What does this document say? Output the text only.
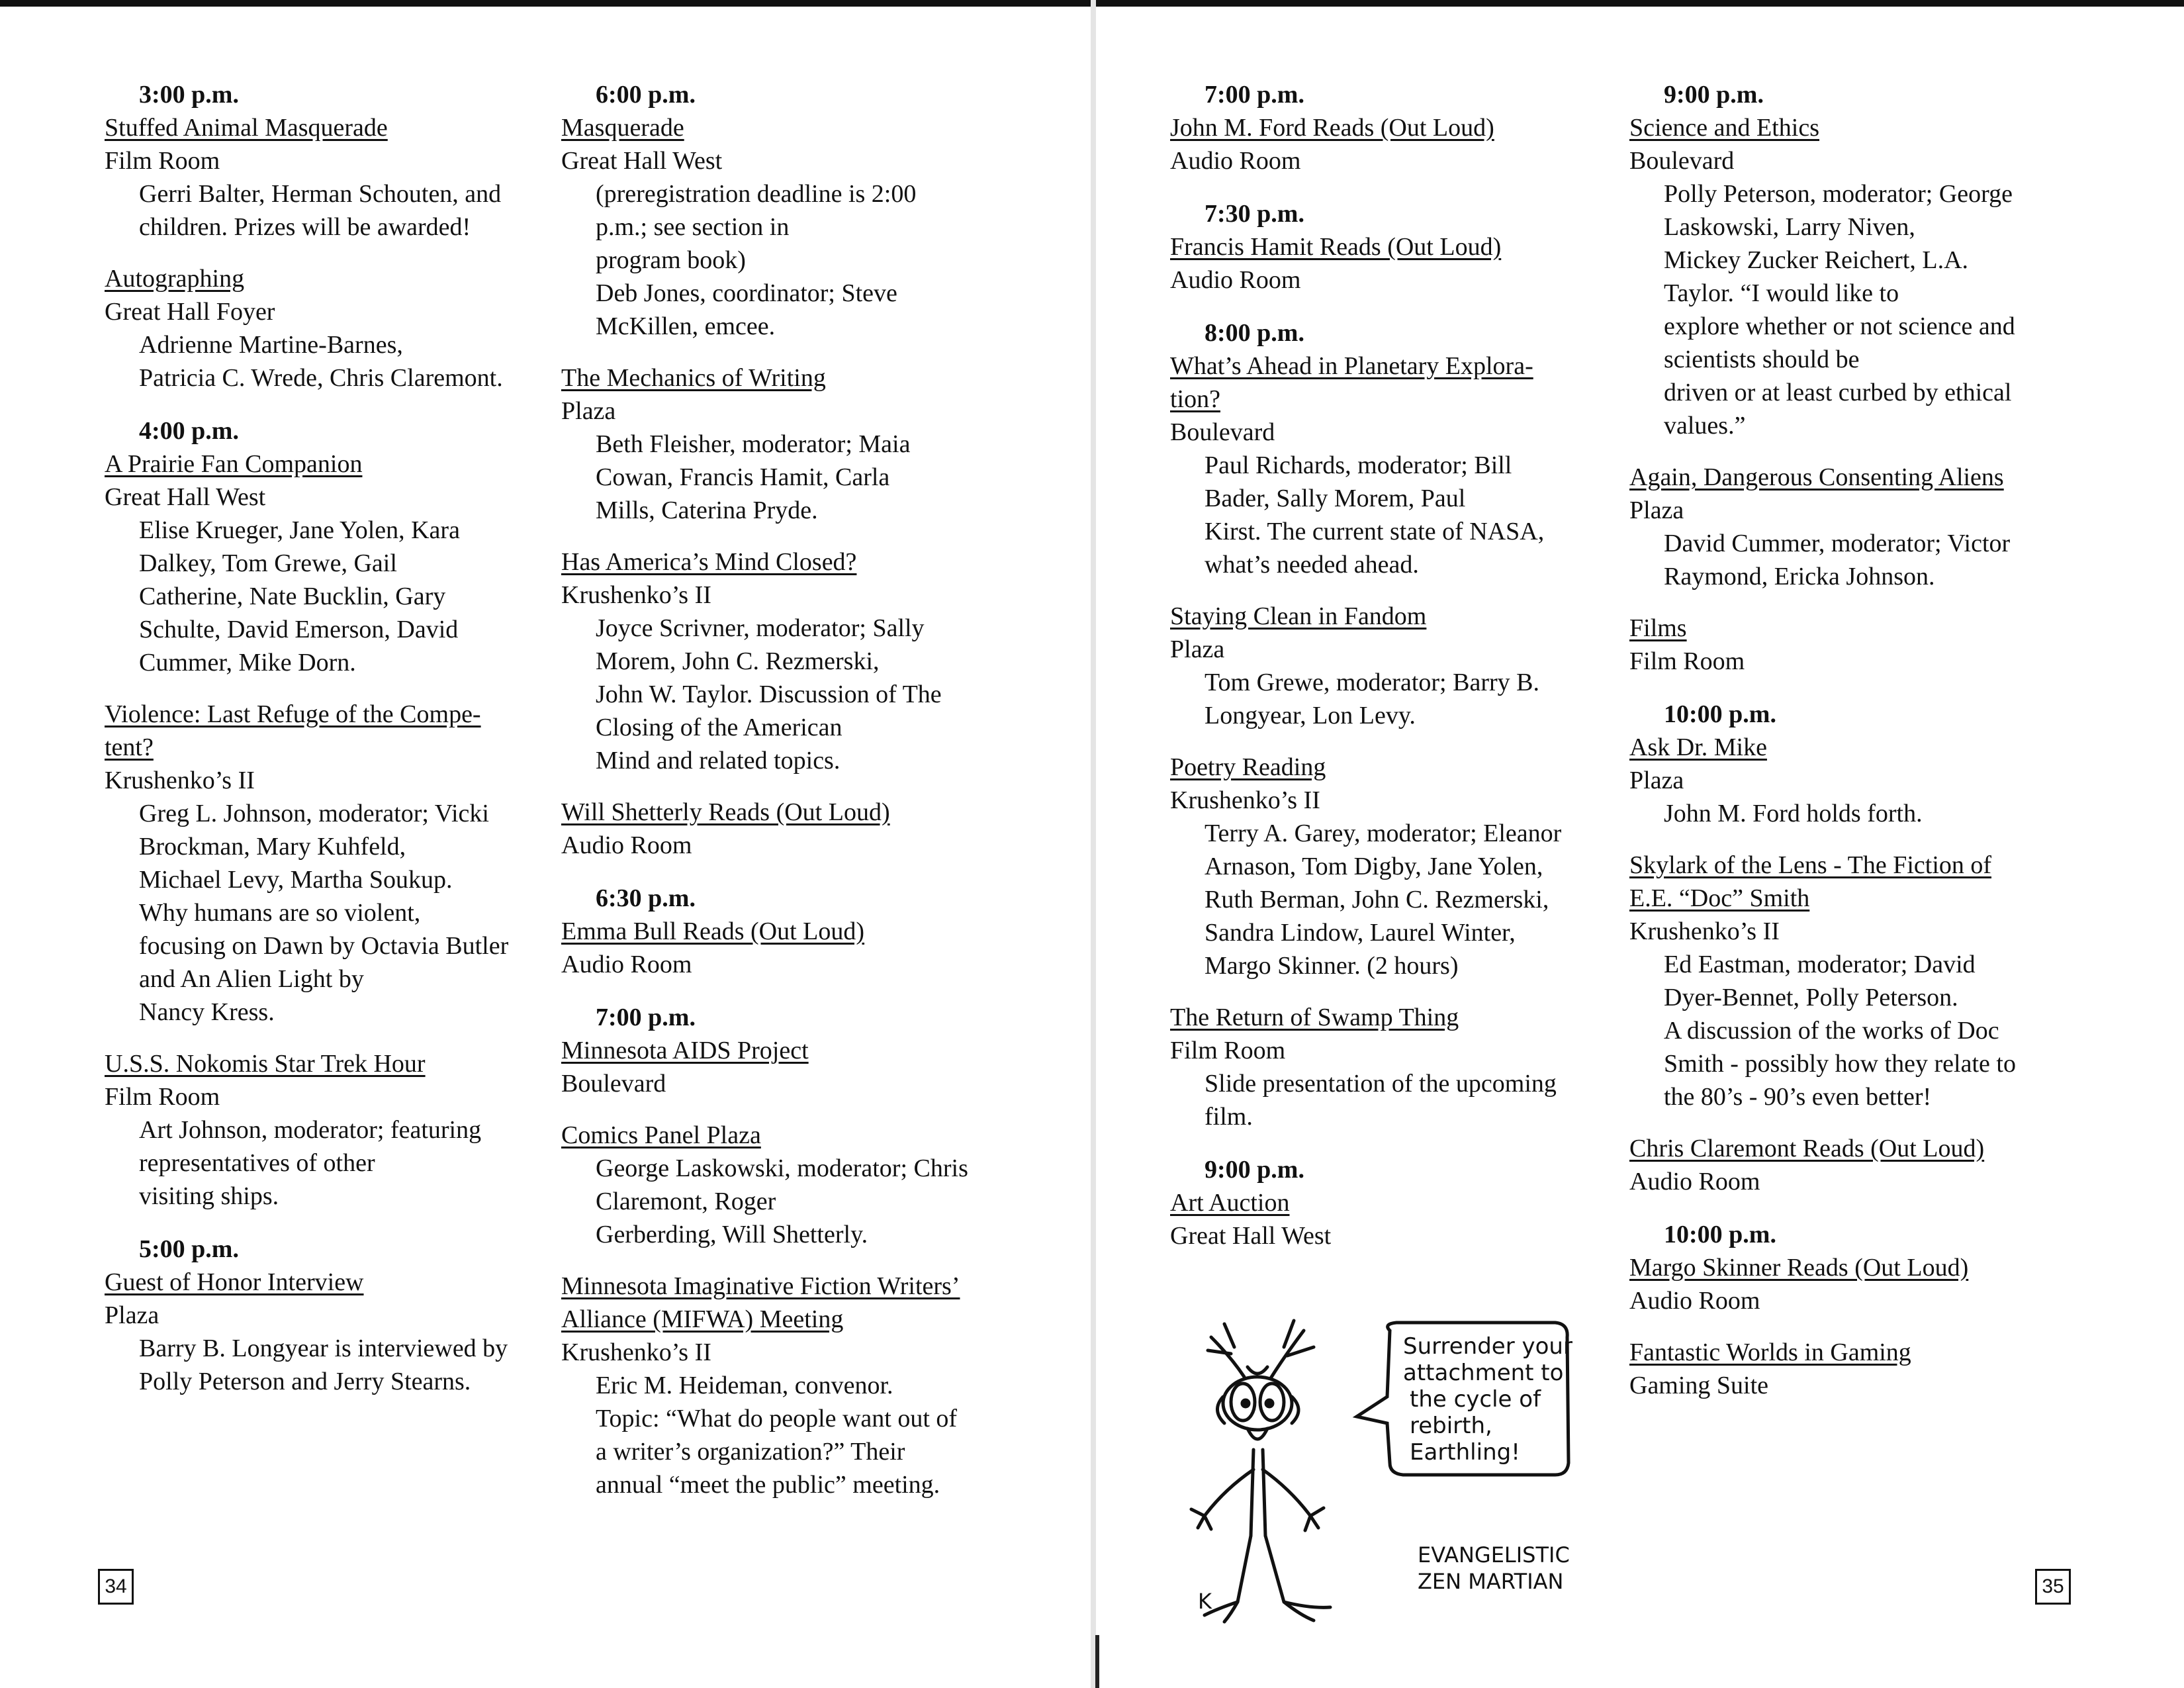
3:00 p.m.
Stuffed Animal Masquerade
Film Room
Gerri Balter, Herman Schouten, and
children. Prizes will be awarded!
Autographing
Great Hall Foyer
Adrienne Martine-Barnes,
Patricia C. Wrede, Chris Claremont.
4:00 p.m.
A Prairie Fan Companion
Great Hall West
Elise Krueger, Jane Yolen, Kara
Dalkey, Tom Grewe, Gail
Catherine, Nate Bucklin, Gary
Schulte, David Emerson, David
Cummer, Mike Dorn.
Violence: Last Refuge of the Compe-
tent?
Krushenko’s II
Greg L. Johnson, moderator; Vicki
Brockman, Mary Kuhfeld,
Michael Levy, Martha Soukup.
Why humans are so violent,
focusing on Dawn by Octavia Butler
and An Alien Light by
Nancy Kress.
U.S.S. Nokomis Star Trek Hour
Film Room
Art Johnson, moderator; featuring
representatives of other
visiting ships.
5:00 p.m.
Guest of Honor Interview
Plaza
Barry B. Longyear is interviewed by
Polly Peterson and Jerry Stearns.
6:00 p.m.
Masquerade
Great Hall West
(preregistration deadline is 2:00
p.m.; see section in
program book)
Deb Jones, coordinator; Steve
McKillen, emcee.
The Mechanics of Writing
Plaza
Beth Fleisher, moderator; Maia
Cowan, Francis Hamit, Carla
Mills, Caterina Pryde.
Has America’s Mind Closed?
Krushenko’s II
Joyce Scrivner, moderator; Sally
Morem, John C. Rezmerski,
John W. Taylor. Discussion of The
Closing of the American
Mind and related topics.
Will Shetterly Reads (Out Loud)
Audio Room
6:30 p.m.
Emma Bull Reads (Out Loud)
Audio Room
7:00 p.m.
Minnesota AIDS Project
Boulevard
Comics Panel Plaza
George Laskowski, moderator; Chris
Claremont, Roger
Gerberding, Will Shetterly.
Minnesota Imaginative Fiction Writers’
Alliance (MIFWA) Meeting
Krushenko’s II
Eric M. Heideman, convenor.
Topic: “What do people want out of
a writer’s organization?” Their
annual “meet the public” meeting.
34
7:00 p.m.
John M. Ford Reads (Out Loud)
Audio Room
7:30 p.m.
Francis Hamit Reads (Out Loud)
Audio Room
8:00 p.m.
What’s Ahead in Planetary Explora-
tion?
Boulevard
Paul Richards, moderator; Bill
Bader, Sally Morem, Paul
Kirst. The current state of NASA,
what’s needed ahead.
Staying Clean in Fandom
Plaza
Tom Grewe, moderator; Barry B.
Longyear, Lon Levy.
Poetry Reading
Krushenko’s II
Terry A. Garey, moderator; Eleanor
Arnason, Tom Digby, Jane Yolen,
Ruth Berman, John C. Rezmerski,
Sandra Lindow, Laurel Winter,
Margo Skinner. (2 hours)
The Return of Swamp Thing
Film Room
Slide presentation of the upcoming
film.
9:00 p.m.
Art Auction
Great Hall West
9:00 p.m.
Science and Ethics
Boulevard
Polly Peterson, moderator; George
Laskowski, Larry Niven,
Mickey Zucker Reichert, L.A.
Taylor. “I would like to
explore whether or not science and
scientists should be
driven or at least curbed by ethical
values.”
Again, Dangerous Consenting Aliens
Plaza
David Cummer, moderator; Victor
Raymond, Ericka Johnson.
Films
Film Room
10:00 p.m.
Ask Dr. Mike
Plaza
John M. Ford holds forth.
Skylark of the Lens - The Fiction of
E.E. “Doc” Smith
Krushenko’s II
Ed Eastman, moderator; David
Dyer-Bennet, Polly Peterson.
A discussion of the works of Doc
Smith - possibly how they relate to
the 80’s - 90’s even better!
Chris Claremont Reads (Out Loud)
Audio Room
10:00 p.m.
Margo Skinner Reads (Out Loud)
Audio Room
Fantastic Worlds in Gaming
Gaming Suite
35
Surrender your
attachment to
the cycle of
rebirth,
Earthling!
EVANGELISTIC
ZEN MARTIAN
K
